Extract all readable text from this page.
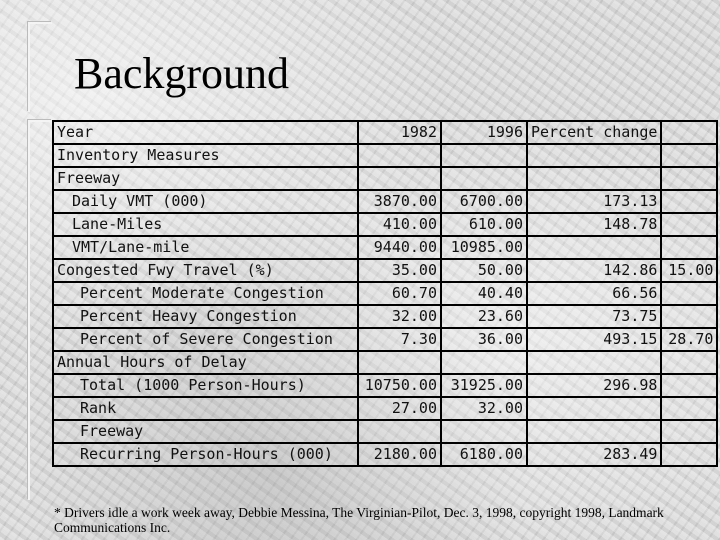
Background
Year	1982	1996	Percent change	
Inventory Measures				
Freeway				
Daily VMT (000)	3870.00	6700.00	173.13	
Lane-Miles	410.00	610.00	148.78	
VMT/Lane-mile	9440.00	10985.00		
Congested Fwy Travel (%)	35.00	50.00	142.86	15.00
Percent Moderate Congestion	60.70	40.40	66.56	
Percent Heavy Congestion	32.00	23.60	73.75	
Percent of Severe Congestion	7.30	36.00	493.15	28.70
Annual Hours of Delay				
Total (1000 Person-Hours)	10750.00	31925.00	296.98	
Rank	27.00	32.00		
Freeway				
Recurring Person-Hours (000)	2180.00	6180.00	283.49	
* Drivers idle a work week away, Debbie Messina, The Virginian-Pilot, Dec. 3, 1998, copyright 1998, Landmark Communications Inc.
